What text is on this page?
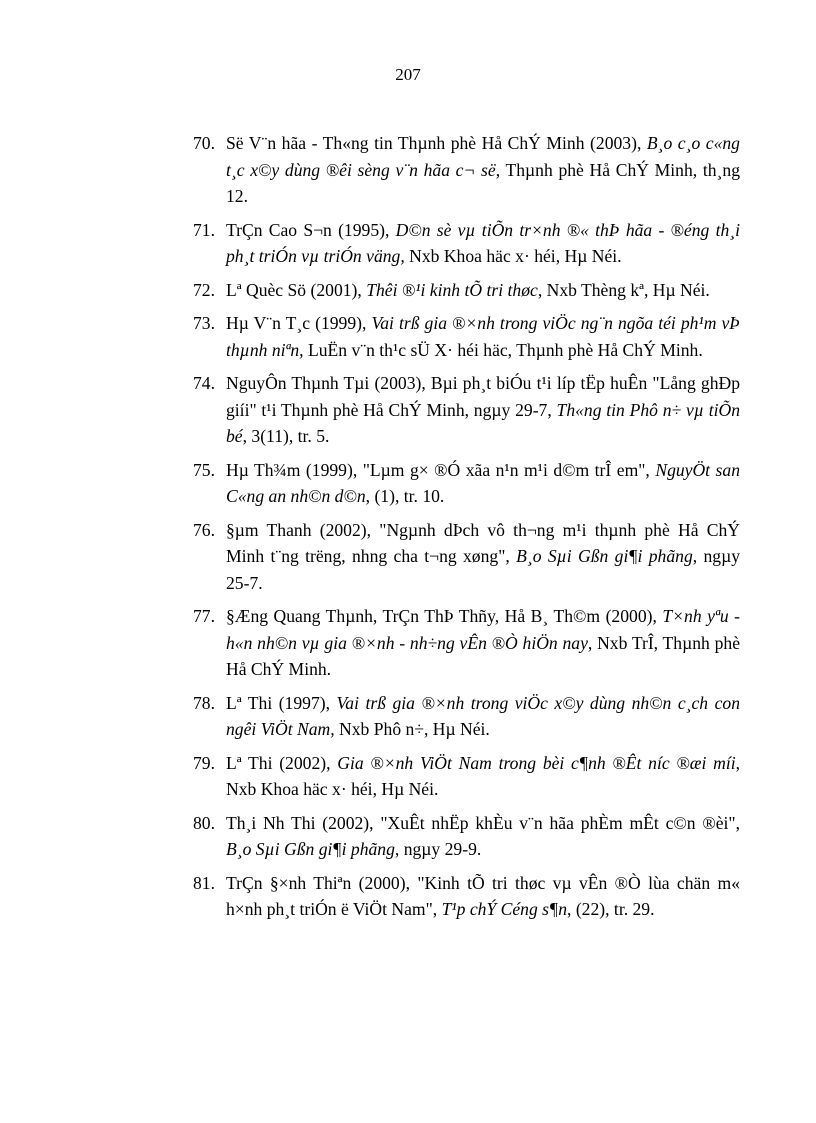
207
70. Së V¨n hãa - Th«ng tin Thµnh phè Hå ChÝ Minh (2003), B¸o c¸o c«ng t¸c x©y dùng ®êi sèng v¨n hãa c¬ së, Thµnh phè Hå ChÝ Minh, th¸ng 12.
71. TrÇn Cao S¬n (1995), D©n sè vµ tiÕn tr×nh ®« thÞ hãa - ®éng th¸i ph¸t triÓn vµ triÓn väng, Nxb Khoa häc x· héi, Hµ Néi.
72. Lª Quèc Sö (2001), Thêi ®¹i kinh tÕ tri thøc, Nxb Thèng kª, Hµ Néi.
73. Hµ V¨n T¸c (1999), Vai trß gia ®×nh trong viÖc ng¨n ngõa téi ph¹m vÞ thµnh niªn, LuËn v¨n th¹c sÜ X· héi häc, Thµnh phè Hå ChÝ Minh.
74. NguyÔn Thµnh Tµi (2003), Bµi ph¸t biÓu t¹i líp tËp huÊn "Lång ghÐp giíi" t¹i Thµnh phè Hå ChÝ Minh, ngµy 29-7, Th«ng tin Phô n÷ vµ tiÕn bé, 3(11), tr. 5.
75. Hµ Th¾m (1999), "Lµm g× ®Ó xãa n¹n m¹i d©m trÎ em", NguyÖt san C«ng an nh©n d©n, (1), tr. 10.
76. §µm Thanh (2002), "Ngµnh dÞch vô th¬ng m¹i thµnh phè Hå ChÝ Minh t¨ng trëng, nhng cha t¬ng xøng", B¸o Sµi Gßn gi¶i phãng, ngµy 25-7.
77. §Æng Quang Thµnh, TrÇn ThÞ Thñy, Hå B¸ Th©m (2000), T×nh yªu - h«n nh©n vµ gia ®×nh - nh÷ng vÊn ®Ò hiÖn nay, Nxb TrÎ, Thµnh phè Hå ChÝ Minh.
78. Lª Thi (1997), Vai trß gia ®×nh trong viÖc x©y dùng nh©n c¸ch con ngêi ViÖt Nam, Nxb Phô n÷, Hµ Néi.
79. Lª Thi (2002), Gia ®×nh ViÖt Nam trong bèi c¶nh ®Êt níc ®æi míi, Nxb Khoa häc x· héi, Hµ Néi.
80. Th¸i Nh Thi (2002), "XuÊt nhËp khÈu v¨n hãa phÈm mÊt c©n ®èi", B¸o Sµi Gßn gi¶i phãng, ngµy 29-9.
81. TrÇn §×nh Thiªn (2000), "Kinh tÕ tri thøc vµ vÊn ®Ò lùa chän m« h×nh ph¸t triÓn ë ViÖt Nam", T¹p chÝ Céng s¶n, (22), tr. 29.
